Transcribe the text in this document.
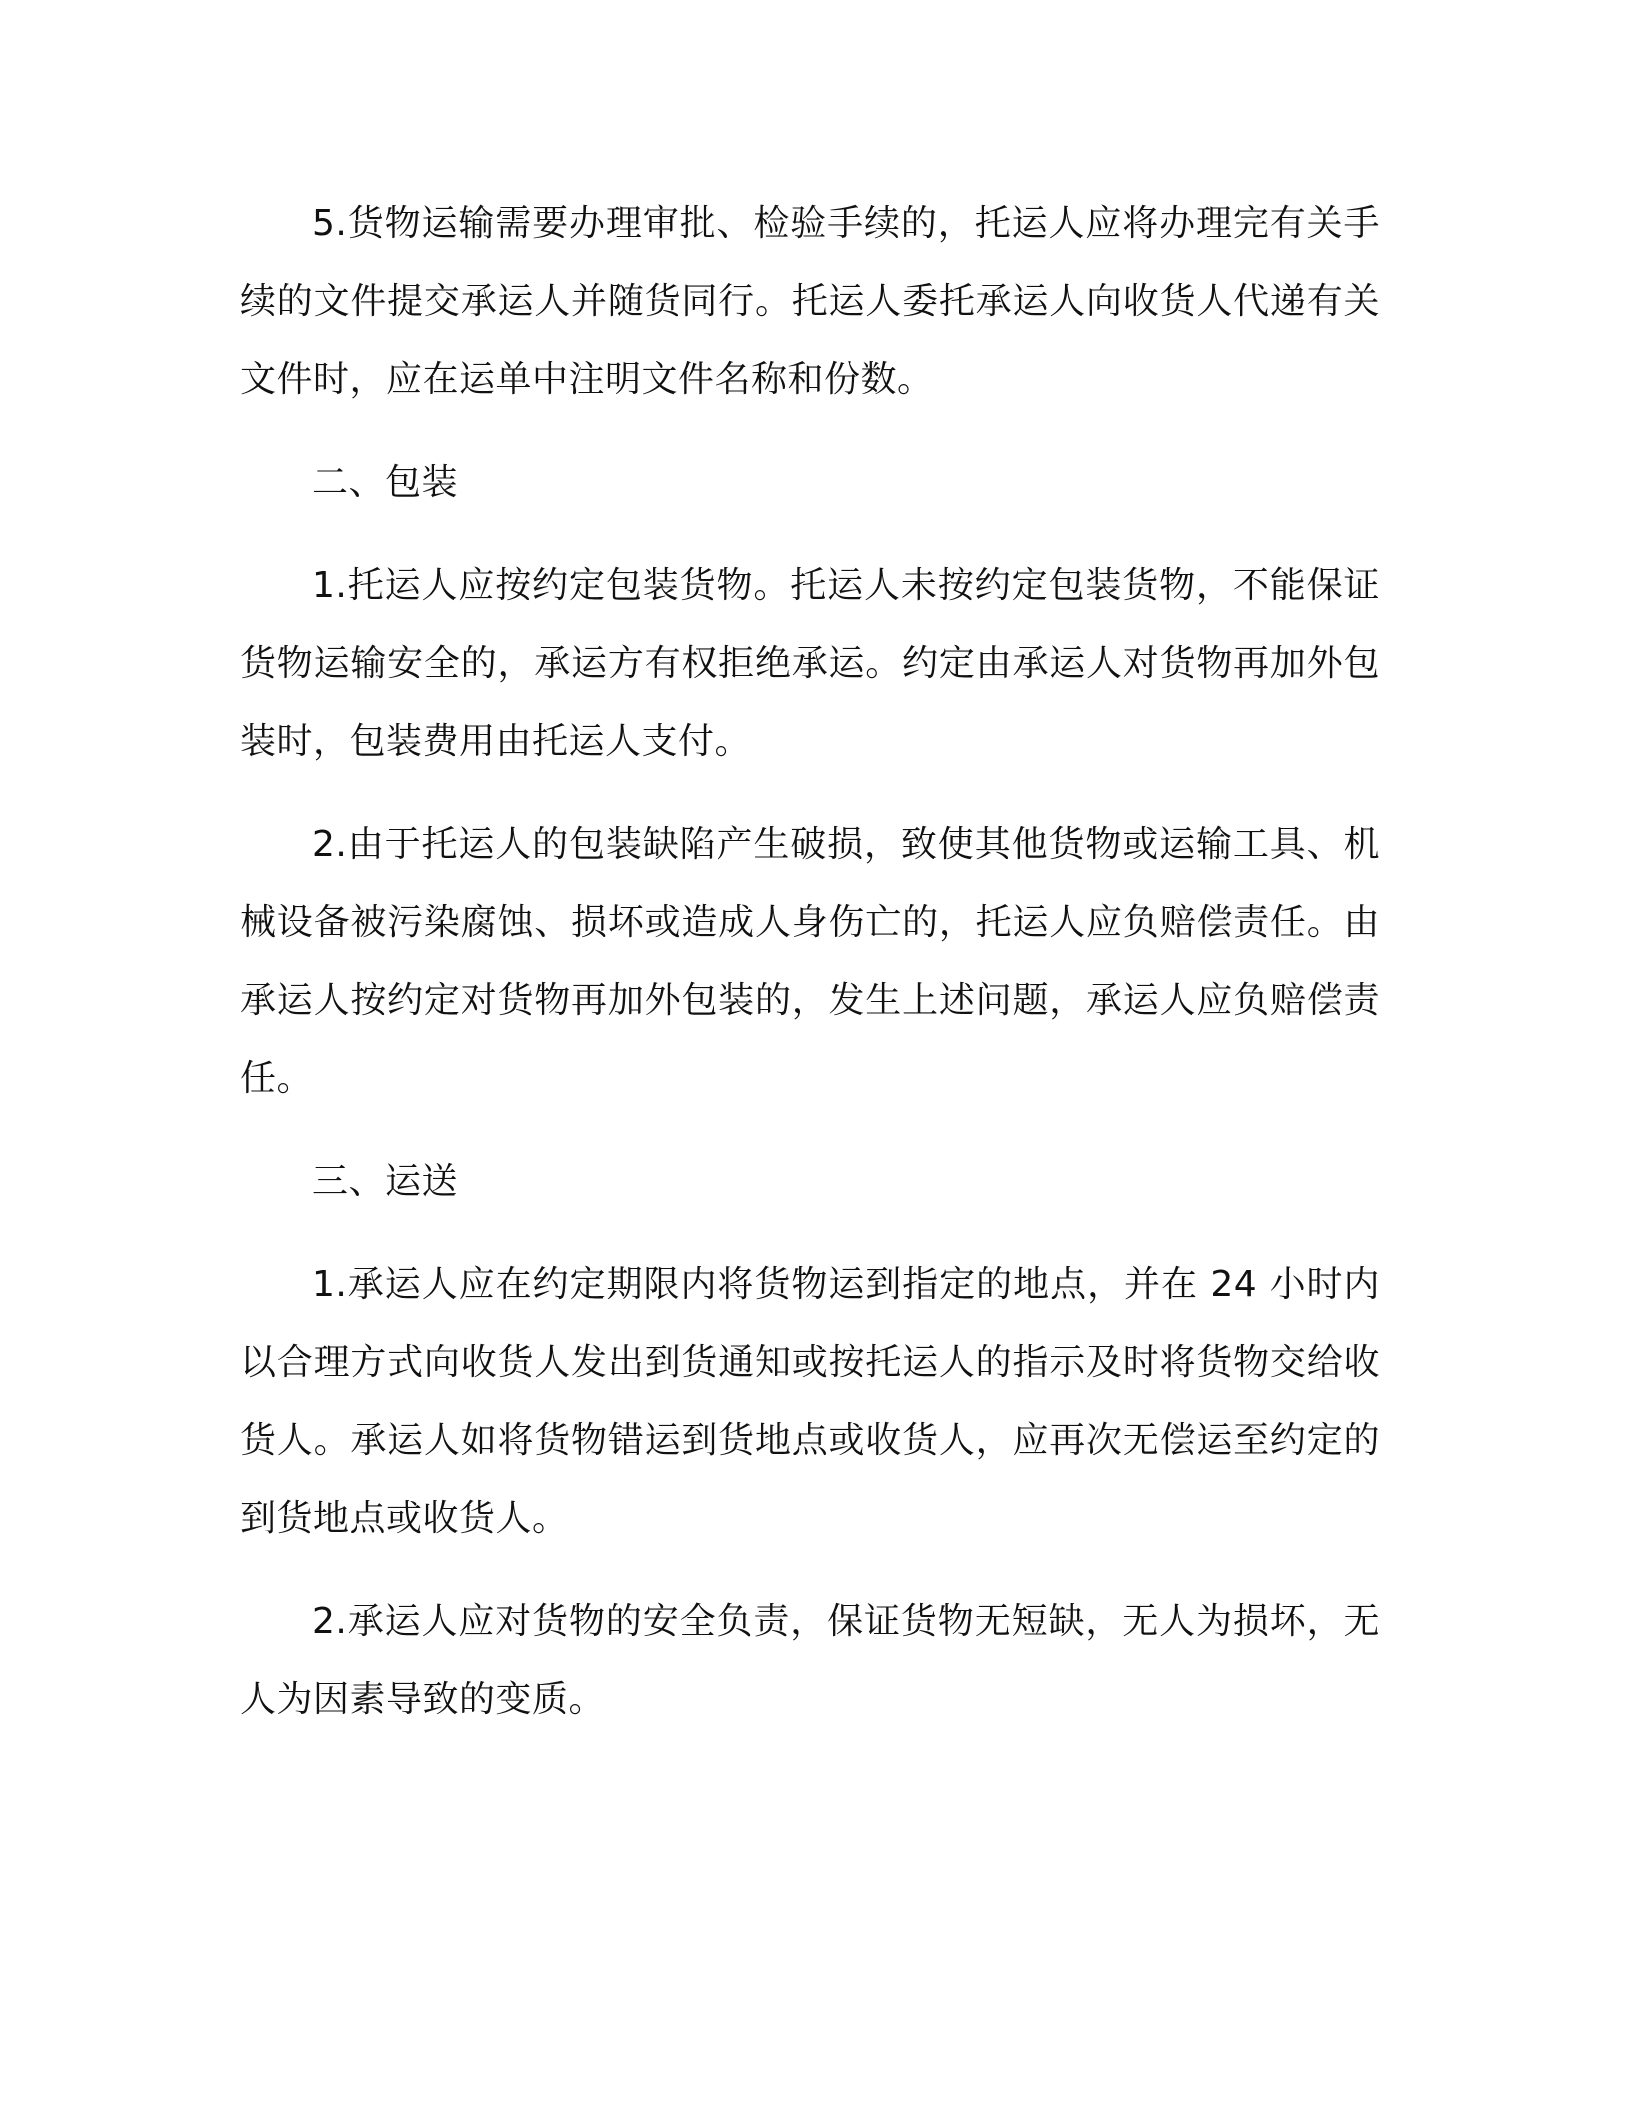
5.货物运输需要办理审批、检验手续的，托运人应将办理完有关手续的文件提交承运人并随货同行。托运人委托承运人向收货人代递有关文件时，应在运单中注明文件名称和份数。

二、包装

1.托运人应按约定包装货物。托运人未按约定包装货物，不能保证货物运输安全的，承运方有权拒绝承运。约定由承运人对货物再加外包装时，包装费用由托运人支付。

2.由于托运人的包装缺陷产生破损，致使其他货物或运输工具、机械设备被污染腐蚀、损坏或造成人身伤亡的，托运人应负赔偿责任。由承运人按约定对货物再加外包装的，发生上述问题，承运人应负赔偿责任。

三、运送

1.承运人应在约定期限内将货物运到指定的地点，并在 24 小时内以合理方式向收货人发出到货通知或按托运人的指示及时将货物交给收货人。承运人如将货物错运到货地点或收货人，应再次无偿运至约定的到货地点或收货人。

2.承运人应对货物的安全负责，保证货物无短缺，无人为损坏，无人为因素导致的变质。
